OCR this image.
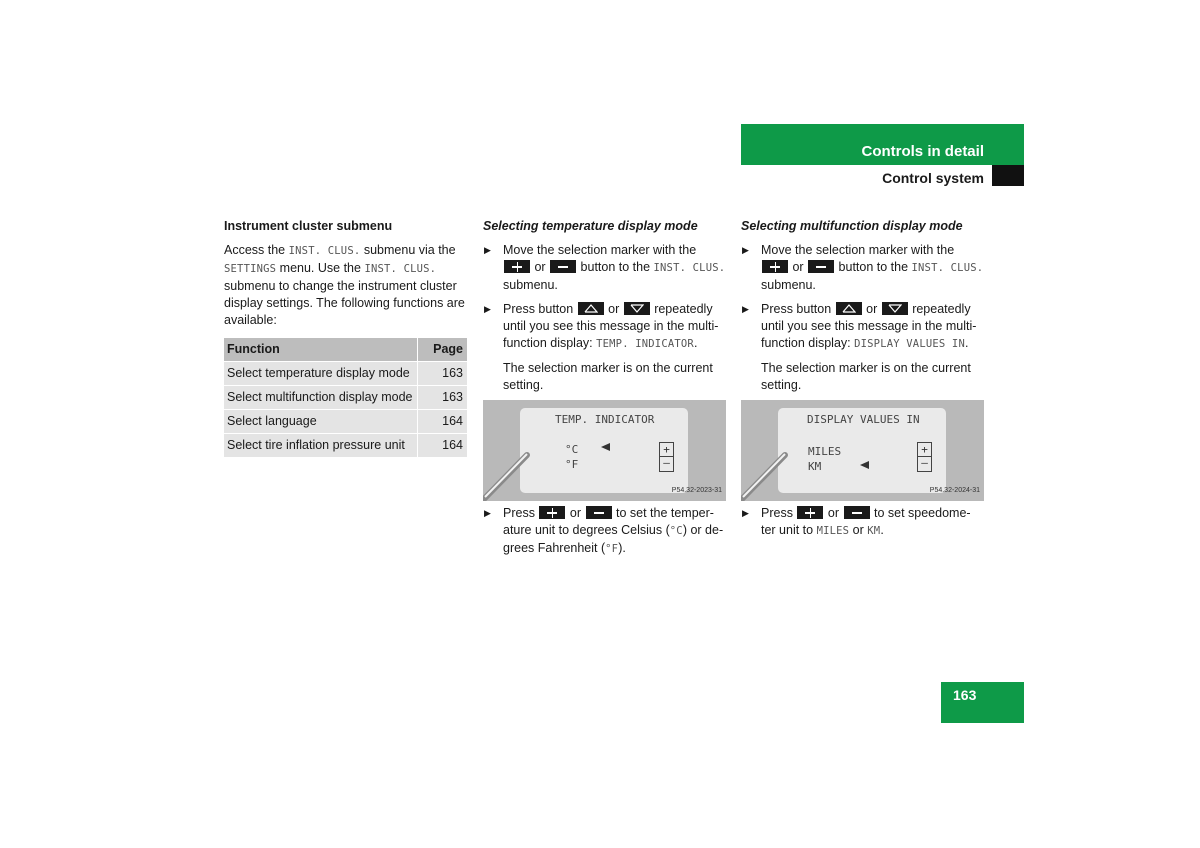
Controls in detail
Control system
Instrument cluster submenu

Access the INST. CLUS. submenu via the SETTINGS menu. Use the INST. CLUS. submenu to change the instrument cluster display settings. The following functions are available:

Function	Page
Select temperature display mode	163
Select multifunction display mode	163
Select language	164
Select tire inflation pressure unit	164
Selecting temperature display mode
▶ Move the selection marker with the  or  button to the INST. CLUS. submenu.
▶ Press button
or
repeatedly until you see this message in the multi-function display: TEMP. INDICATOR.
The selection marker is on the current setting.
TEMP. INDICATOR
°C
°F
+
–
P54.32-2023-31
▶ Press  or  to set the temper-ature unit to degrees Celsius (°C) or de-grees Fahrenheit (°F).
Selecting multifunction display mode
▶ Move the selection marker with the  or  button to the INST. CLUS. submenu.
▶ Press button
or
repeatedly until you see this message in the multi-function display: DISPLAY VALUES IN.
The selection marker is on the current setting.
DISPLAY VALUES IN
MILES
KM
+
–
P54.32-2024-31
▶ Press  or  to set speedome-ter unit to MILES or KM.
163
